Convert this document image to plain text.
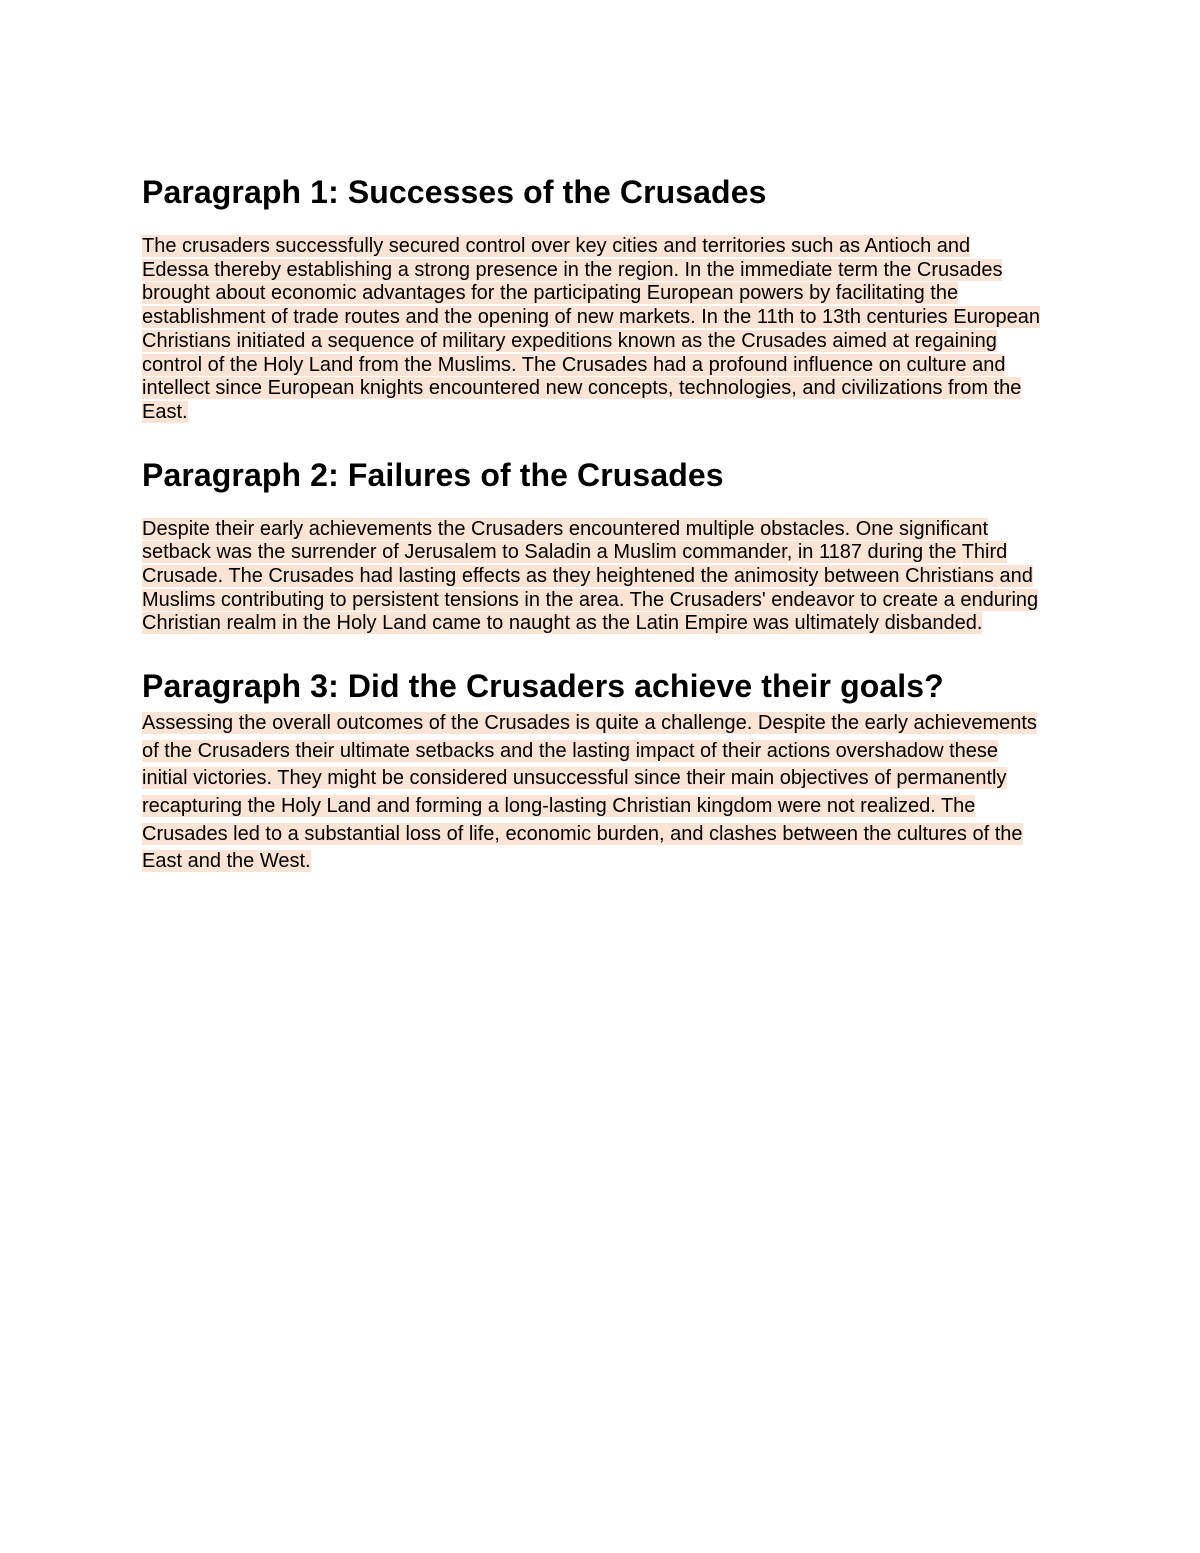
Paragraph 1: Successes of the Crusades

The crusaders successfully secured control over key cities and territories such as Antioch and Edessa thereby establishing a strong presence in the region. In the immediate term the Crusades brought about economic advantages for the participating European powers by facilitating the establishment of trade routes and the opening of new markets. In the 11th to 13th centuries European Christians initiated a sequence of military expeditions known as the Crusades aimed at regaining control of the Holy Land from the Muslims. The Crusades had a profound influence on culture and intellect since European knights encountered new concepts, technologies, and civilizations from the East.

Paragraph 2: Failures of the Crusades

Despite their early achievements the Crusaders encountered multiple obstacles. One significant setback was the surrender of Jerusalem to Saladin a Muslim commander, in 1187 during the Third Crusade. The Crusades had lasting effects as they heightened the animosity between Christians and Muslims contributing to persistent tensions in the area. The Crusaders' endeavor to create a enduring Christian realm in the Holy Land came to naught as the Latin Empire was ultimately disbanded.

Paragraph 3: Did the Crusaders achieve their goals?

Assessing the overall outcomes of the Crusades is quite a challenge. Despite the early achievements of the Crusaders their ultimate setbacks and the lasting impact of their actions overshadow these initial victories. They might be considered unsuccessful since their main objectives of permanently recapturing the Holy Land and forming a long-lasting Christian kingdom were not realized. The Crusades led to a substantial loss of life, economic burden, and clashes between the cultures of the East and the West.
